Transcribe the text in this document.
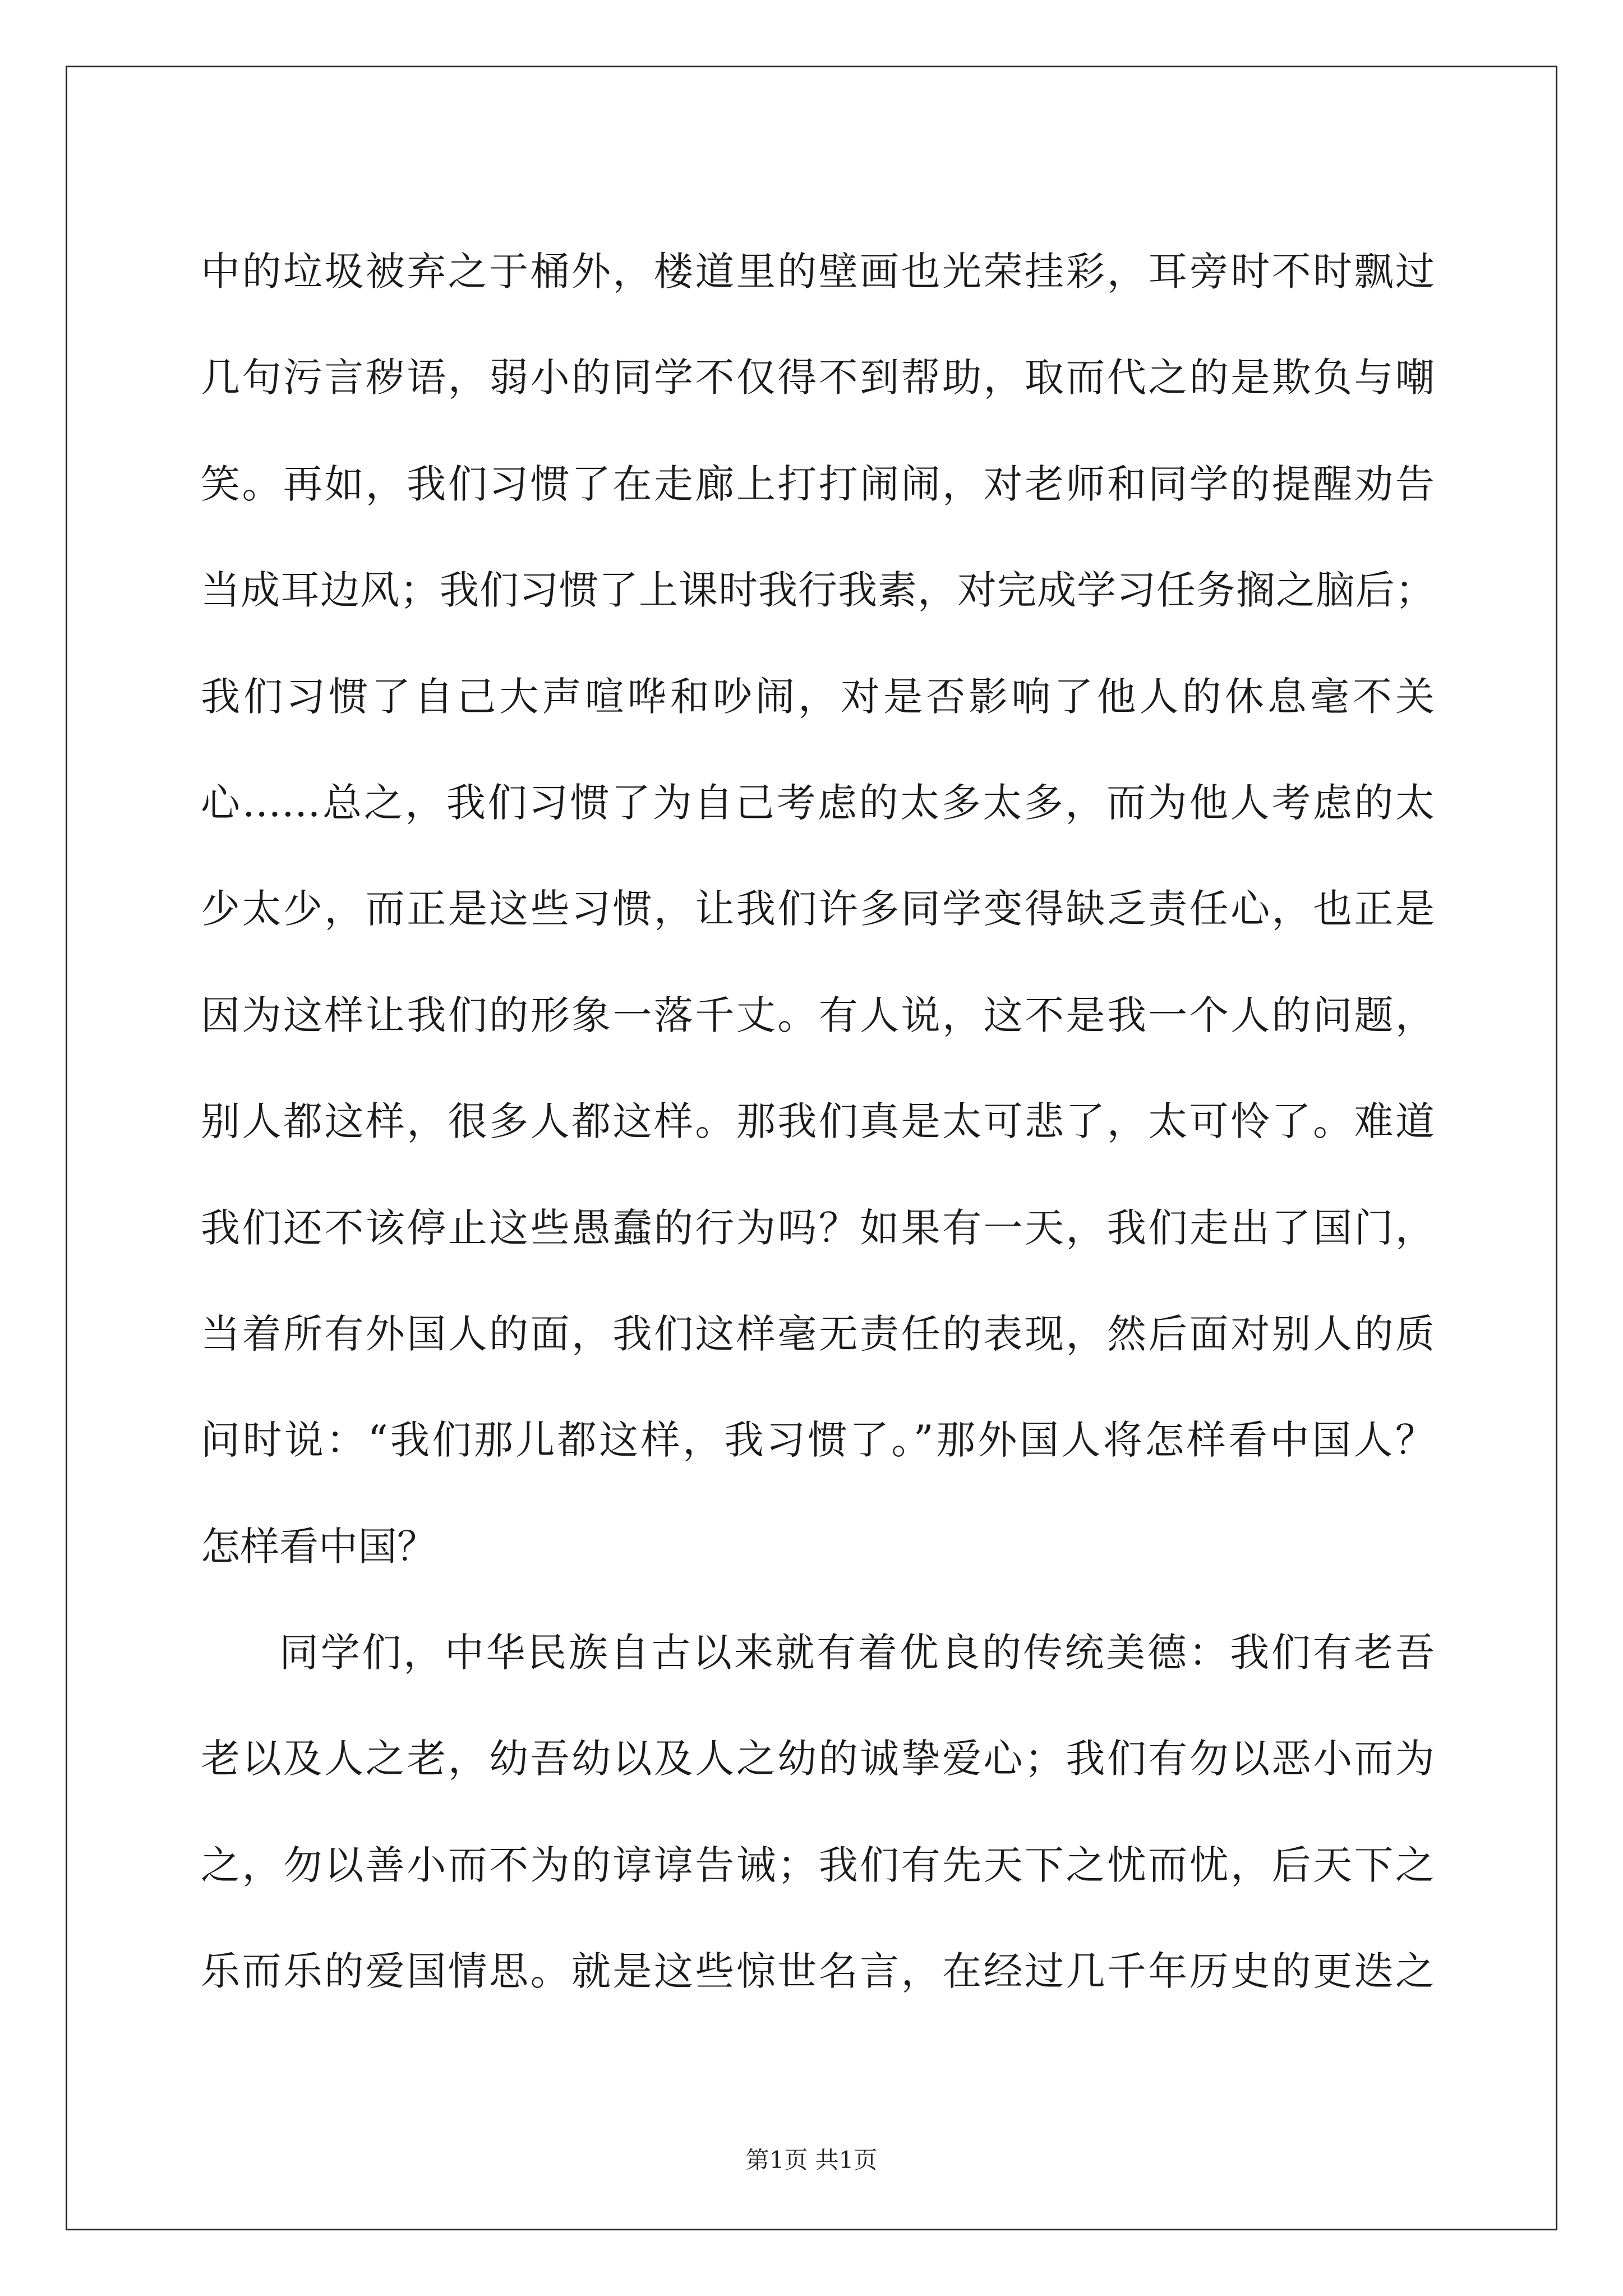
中的垃圾被弃之于桶外，楼道里的壁画也光荣挂彩，耳旁时不时飘过
几句污言秽语，弱小的同学不仅得不到帮助，取而代之的是欺负与嘲
笑。再如，我们习惯了在走廊上打打闹闹，对老师和同学的提醒劝告
当成耳边风；我们习惯了上课时我行我素，对完成学习任务搁之脑后；
我们习惯了自己大声喧哗和吵闹，对是否影响了他人的休息毫不关
心……总之，我们习惯了为自己考虑的太多太多，而为他人考虑的太
少太少，而正是这些习惯，让我们许多同学变得缺乏责任心，也正是
因为这样让我们的形象一落千丈。有人说，这不是我一个人的问题，
别人都这样，很多人都这样。那我们真是太可悲了，太可怜了。难道
我们还不该停止这些愚蠢的行为吗？如果有一天，我们走出了国门，
当着所有外国人的面，我们这样毫无责任的表现，然后面对别人的质
问时说：“我们那儿都这样，我习惯了。”那外国人将怎样看中国人？
怎样看中国？
同学们，中华民族自古以来就有着优良的传统美德：我们有老吾
老以及人之老，幼吾幼以及人之幼的诚挚爱心；我们有勿以恶小而为
之，勿以善小而不为的谆谆告诫；我们有先天下之忧而忧，后天下之
乐而乐的爱国情思。就是这些惊世名言，在经过几千年历史的更迭之
第1页 共1页
